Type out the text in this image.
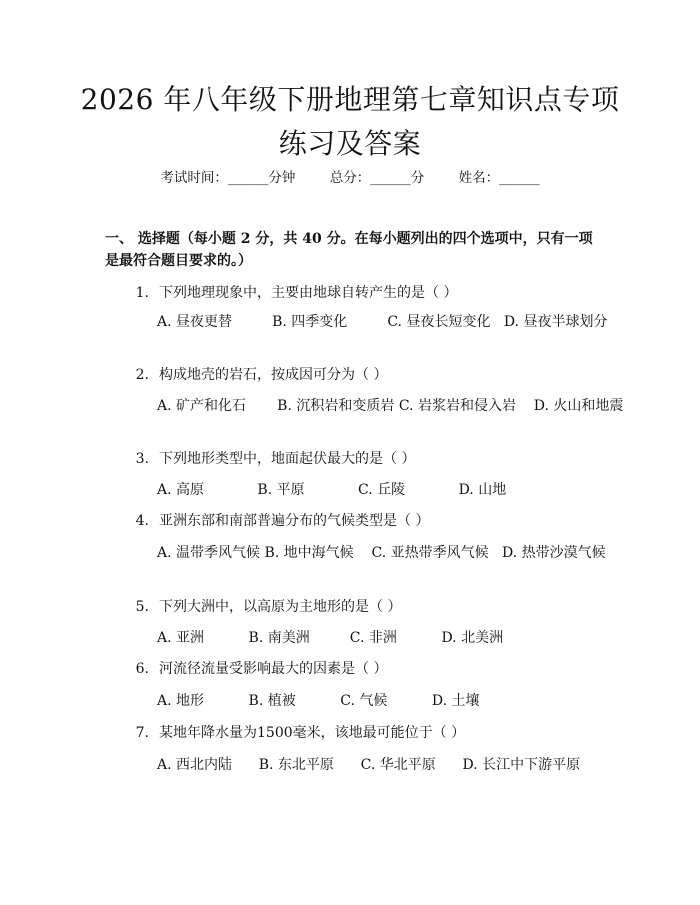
2026 年八年级下册地理第七章知识点专项练习及答案
考试时间：______分钟	总分：______分	姓名：______
一、 选择题（每小题 2 分，共 40 分。在每小题列出的四个选项中，只有一项是最符合题目要求的。）
1. 下列地理现象中，主要由地球自转产生的是（ ）
A. 昼夜更替	B. 四季变化	C. 昼夜长短变化 D. 昼夜半球划分
2. 构成地壳的岩石，按成因可分为（ ）
A. 矿产和化石 B. 沉积岩和变质岩 C. 岩浆岩和侵入岩 D. 火山和地震
3. 下列地形类型中，地面起伏最大的是（ ）
A. 高原	B. 平原	C. 丘陵	D. 山地
4. 亚洲东部和南部普遍分布的气候类型是（ ）
A. 温带季风气候 B. 地中海气候 C. 亚热带季风气候 D. 热带沙漠气候
5. 下列大洲中，以高原为主地形的是（ ）
A. 亚洲	B. 南美洲	C. 非洲	D. 北美洲
6. 河流径流量受影响最大的因素是（ ）
A. 地形	B. 植被	C. 气候	D. 土壤
7. 某地年降水量为1500毫米，该地最可能位于（ ）
A. 西北内陆 B. 东北平原 C. 华北平原 D. 长江中下游平原
